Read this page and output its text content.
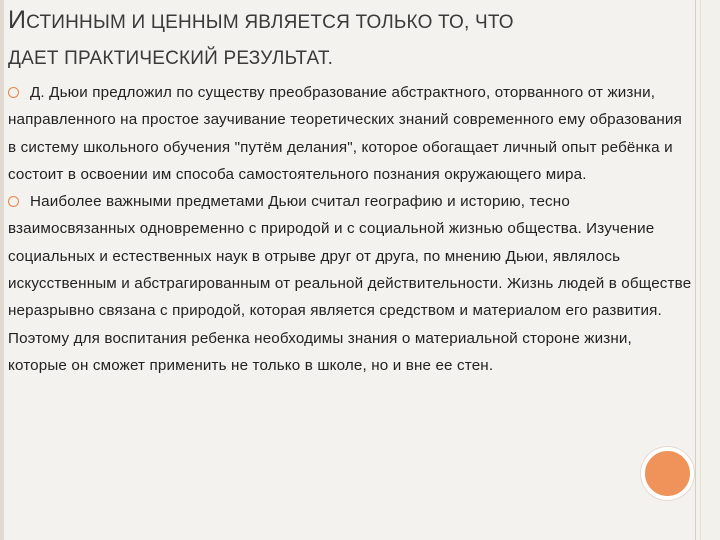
ИСТИННЫМ И ЦЕННЫМ ЯВЛЯЕТСЯ ТОЛЬКО ТО, ЧТО
ДАЕТ ПРАКТИЧЕСКИЙ РЕЗУЛЬТАТ.

Д. Дьюи предложил по существу преобразование абстрактного, оторванного от жизни, направленного на простое заучивание теоретических знаний современного ему образования в систему школьного обучения "путём делания", которое обогащает личный опыт ребёнка и состоит в освоении им способа самостоятельного познания окружающего мира.

Наиболее важными предметами Дьюи считал географию и историю, тесно взаимосвязанных одновременно с природой и с социальной жизнью общества. Изучение социальных и естественных наук в отрыве друг от друга, по мнению Дьюи, являлось искусственным и абстрагированным от реальной действительности. Жизнь людей в обществе неразрывно связана с природой, которая является средством и материалом его развития. Поэтому для воспитания ребенка необходимы знания о материальной стороне жизни, которые он сможет применить не только в школе, но и вне ее стен.
